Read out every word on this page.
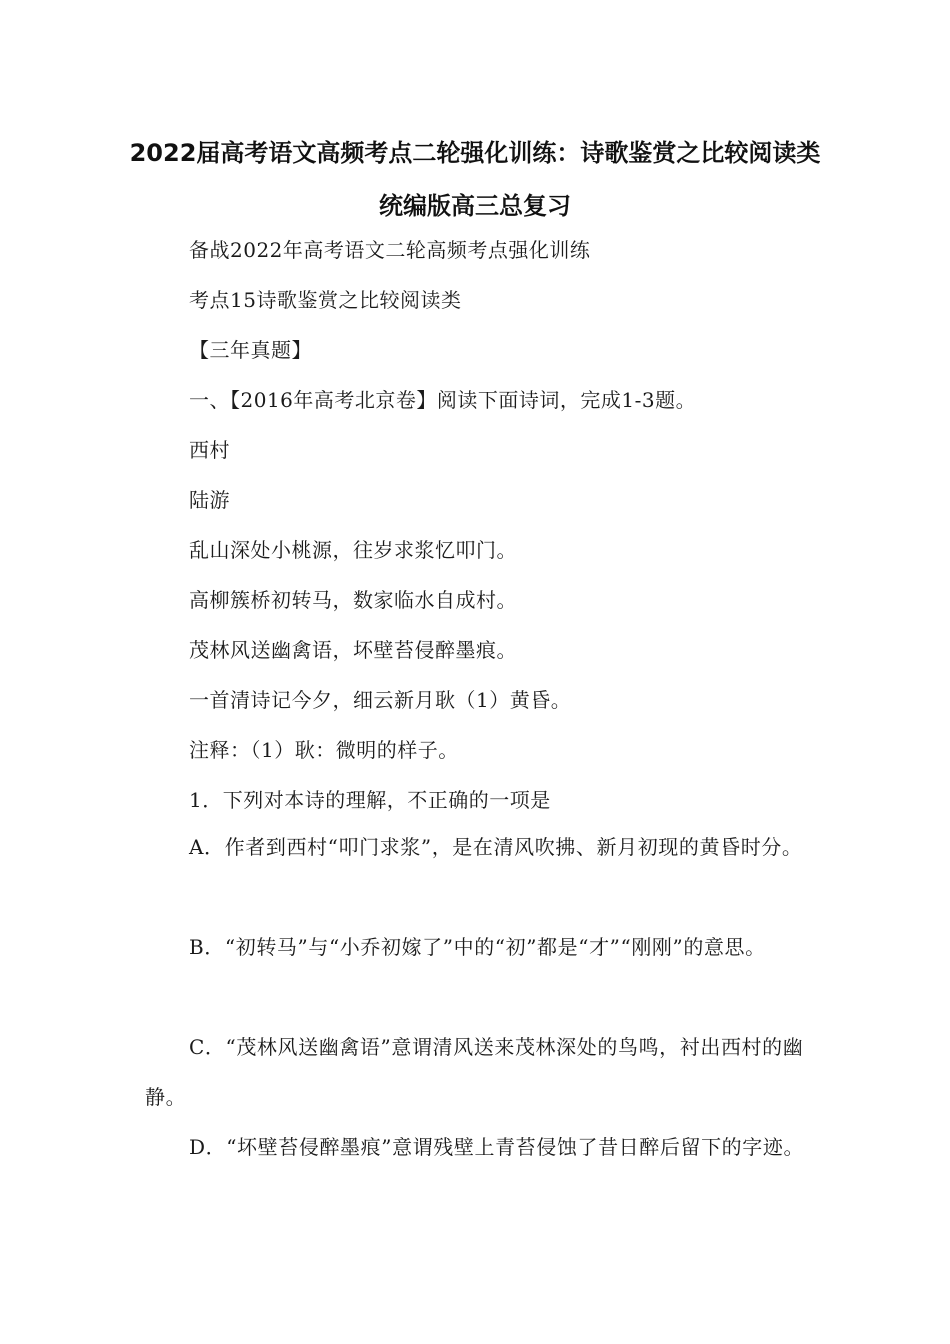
2022届高考语文高频考点二轮强化训练：诗歌鉴赏之比较阅读类
统编版高三总复习
备战2022年高考语文二轮高频考点强化训练
考点15诗歌鉴赏之比较阅读类
【三年真题】
一、【2016年高考北京卷】阅读下面诗词，完成1-3题。
西村
陆游
乱山深处小桃源，往岁求浆忆叩门。
高柳簇桥初转马，数家临水自成村。
茂林风送幽禽语，坏壁苔侵醉墨痕。
一首清诗记今夕，细云新月耿（1）黄昏。
注释：（1）耿：微明的样子。
1．下列对本诗的理解，不正确的一项是
A．作者到西村“叩门求浆”，是在清风吹拂、新月初现的黄昏时分。
B．“初转马”与“小乔初嫁了”中的“初”都是“才”“刚刚”的意思。
C．“茂林风送幽禽语”意谓清风送来茂林深处的鸟鸣，衬出西村的幽静。
D．“坏壁苔侵醉墨痕”意谓残壁上青苔侵蚀了昔日醉后留下的字迹。
